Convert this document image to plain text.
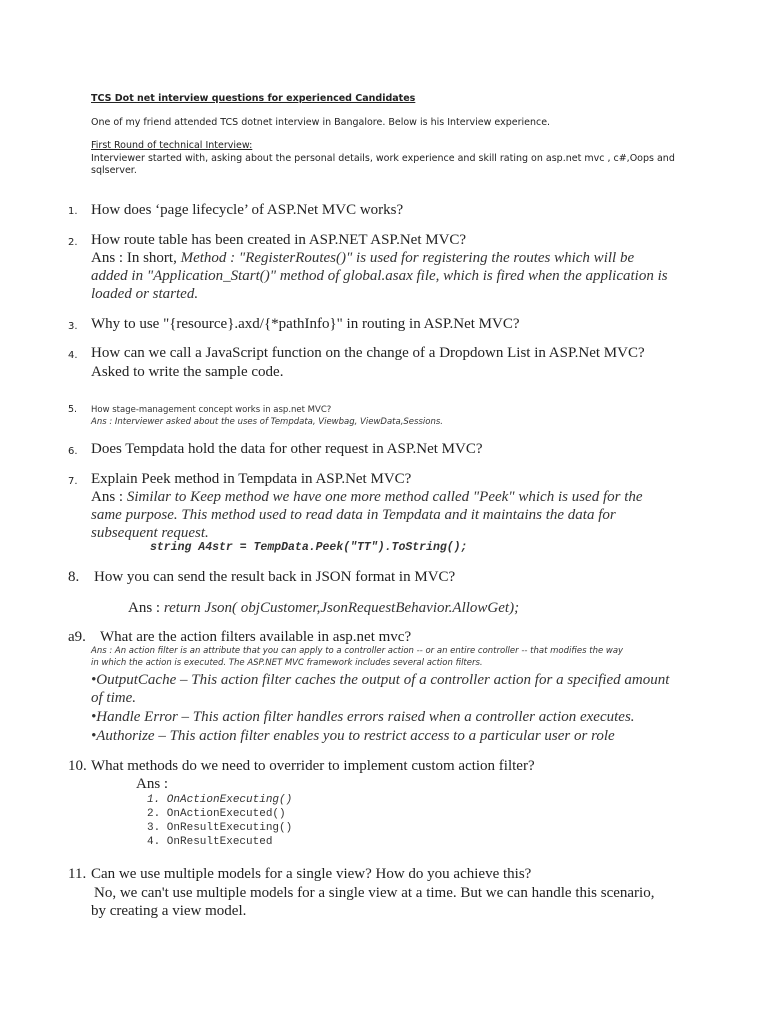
TCS Dot net interview questions for experienced Candidates
One of my friend attended TCS dotnet interview in Bangalore. Below is his Interview experience.
First Round of technical Interview:
Interviewer started with, asking about the personal details, work experience and skill rating on asp.net mvc , c#,Oops and
sqlserver.
1. How does ‘page lifecycle’ of ASP.Net MVC works?
2. How route table has been created in ASP.NET ASP.Net MVC?
Ans : In short, Method : "RegisterRoutes()" is used for registering the routes which will be
added in "Application_Start()" method of global.asax file, which is fired when the application is
loaded or started.
3. Why to use "{resource}.axd/{*pathInfo}" in routing in ASP.Net MVC?
4. How can we call a JavaScript function on the change of a Dropdown List in ASP.Net MVC?
Asked to write the sample code.
5. How stage-management concept works in asp.net MVC?
Ans : Interviewer asked about the uses of Tempdata, Viewbag, ViewData,Sessions.
6. Does Tempdata hold the data for other request in ASP.Net MVC?
7. Explain Peek method in Tempdata in ASP.Net MVC?
Ans : Similar to Keep method we have one more method called "Peek" which is used for the
same purpose. This method used to read data in Tempdata and it maintains the data for
subsequent request.
string A4str = TempData.Peek("TT").ToString();
8. How you can send the result back in JSON format in MVC?
Ans : return Json( objCustomer,JsonRequestBehavior.AllowGet);
a9. What are the action filters available in asp.net mvc?
Ans : An action filter is an attribute that you can apply to a controller action -- or an entire controller -- that modifies the way
in which the action is executed. The ASP.NET MVC framework includes several action filters.
•OutputCache – This action filter caches the output of a controller action for a specified amount
of time.
•Handle Error – This action filter handles errors raised when a controller action executes.
•Authorize – This action filter enables you to restrict access to a particular user or role
10. What methods do we need to overrider to implement custom action filter?
Ans :
1. OnActionExecuting()
2. OnActionExecuted()
3. OnResultExecuting()
4. OnResultExecuted
11. Can we use multiple models for a single view? How do you achieve this?
No, we can't use multiple models for a single view at a time. But we can handle this scenario,
by creating a view model.
